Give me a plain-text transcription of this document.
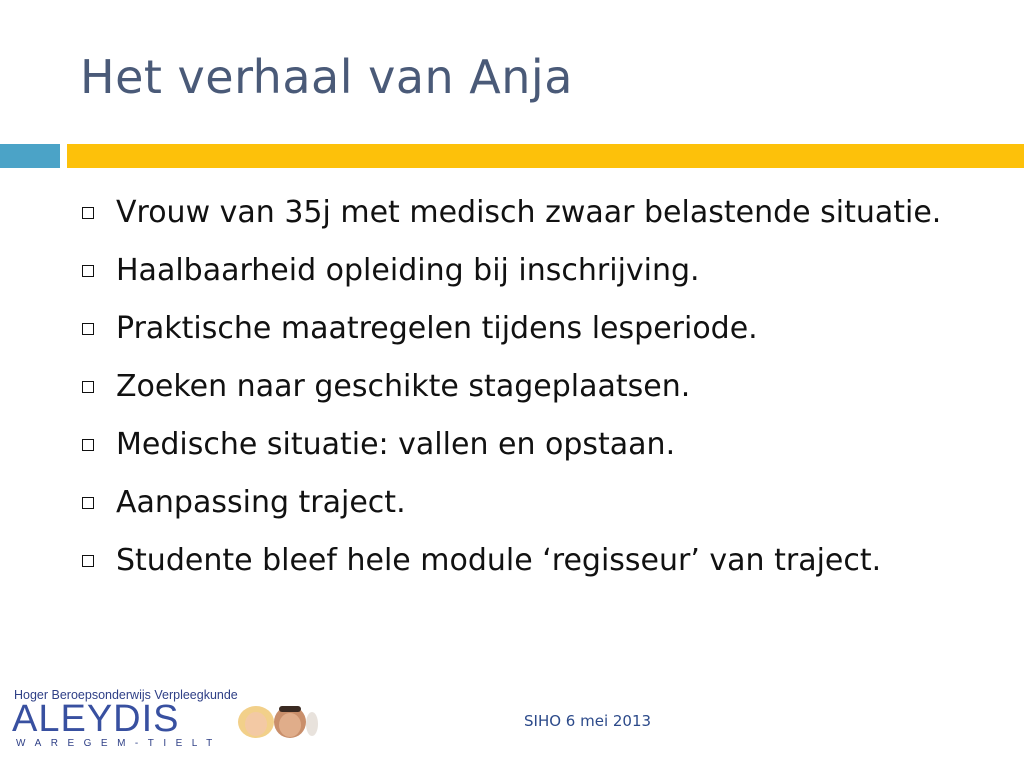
Het verhaal van Anja
Vrouw van 35j met medisch zwaar belastende situatie.
Haalbaarheid opleiding bij inschrijving.
Praktische maatregelen tijdens lesperiode.
Zoeken naar geschikte stageplaatsen.
Medische situatie: vallen en opstaan.
Aanpassing traject.
Studente bleef hele module ‘regisseur’ van traject.
Hoger Beroepsonderwijs Verpleegkunde
ALEYDIS
WAREGEM-TIELT
SIHO 6 mei 2013
